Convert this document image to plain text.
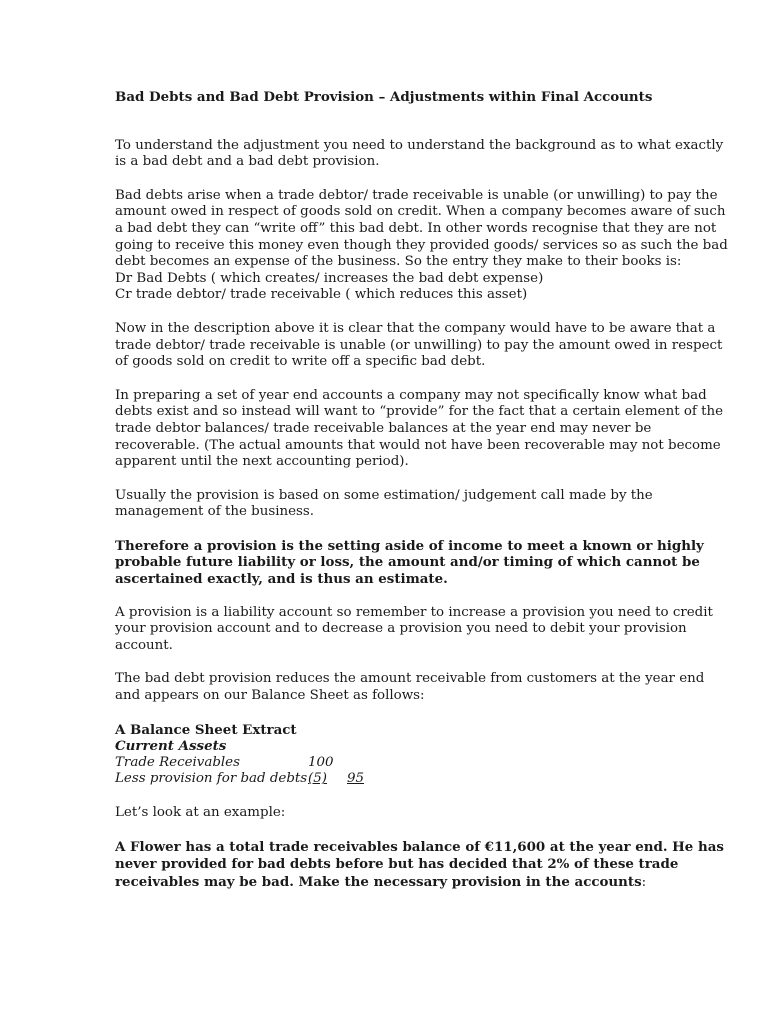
Bad Debts and Bad Debt Provision – Adjustments within Final Accounts

To understand the adjustment you need to understand the background as to what exactly is a bad debt and a bad debt provision.

Bad debts arise when a trade debtor/ trade receivable is unable (or unwilling) to pay the amount owed in respect of goods sold on credit. When a company becomes aware of such a bad debt they can “write off” this bad debt. In other words recognise that they are not going to receive this money even though they provided goods/ services so as such the bad debt becomes an expense of the business. So the entry they make to their books is:
Dr Bad Debts ( which creates/ increases the bad debt expense)
Cr trade debtor/ trade receivable ( which reduces this asset)

Now in the description above it is clear that the company would have to be aware that a trade debtor/ trade receivable is unable (or unwilling) to pay the amount owed in respect of goods sold on credit to write off a specific bad debt.

In preparing a set of year end accounts a company may not specifically know what bad debts exist and so instead will want to “provide” for the fact that a certain element of the trade debtor balances/ trade receivable balances at the year end may never be recoverable. (The actual amounts that would not have been recoverable may not become apparent until the next accounting period).

Usually the provision is based on some estimation/ judgement call made by the management of the business.

Therefore a provision is the setting aside of income to meet a known or highly probable future liability or loss, the amount and/or timing of which cannot be ascertained exactly, and is thus an estimate.

A provision is a liability account so remember to increase a provision you need to credit your provision account and to decrease a provision you need to debit your provision account.

The bad debt provision reduces the amount receivable from customers at the year end and appears on our Balance Sheet as follows:

A Balance Sheet Extract
Current Assets
Trade Receivables	100
Less provision for bad debts(5) 95

Let’s look at an example:

A Flower has a total trade receivables balance of €11,600 at the year end. He has never provided for bad debts before but has decided that 2% of these trade receivables may be bad. Make the necessary provision in the accounts:
